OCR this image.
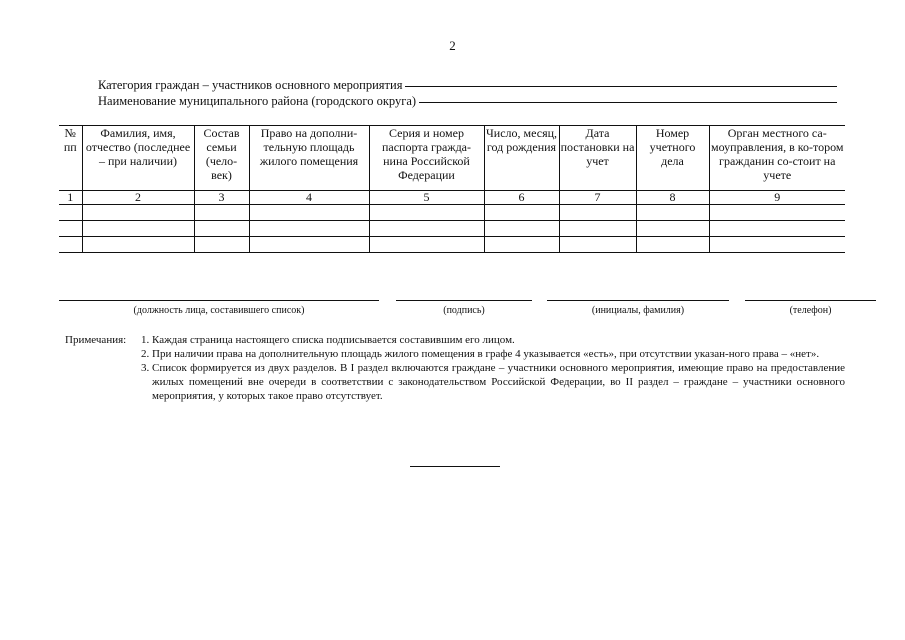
2
Категория граждан – участников основного мероприятия
Наименование муниципального района (городского округа)
№ пп	Фамилия, имя, отчество (последнее – при наличии)	Состав семьи (чело-век)	Право на дополни-тельную площадь жилого помещения	Серия и номер паспорта гражда-нина Российской Федерации	Число, месяц, год рождения	Дата постановки на учет	Номер учетного дела	Орган местного са-моуправления, в ко-тором гражданин со-стоит на учете
1	2	3	4	5	6	7	8	9

(должность лица, составившего список)	(подпись)	(инициалы, фамилия)	(телефон)
Примечания:	1. Каждая страница настоящего списка подписывается составившим его лицом.
2. При наличии права на дополнительную площадь жилого помещения в графе 4 указывается «есть», при отсутствии указан-ного права – «нет».
3. Список формируется из двух разделов. В I раздел включаются граждане – участники основного мероприятия, имеющие право на предоставление жилых помещений вне очереди в соответствии с законодательством Российской Федерации, во II раздел – граждане – участники основного мероприятия, у которых такое право отсутствует.
